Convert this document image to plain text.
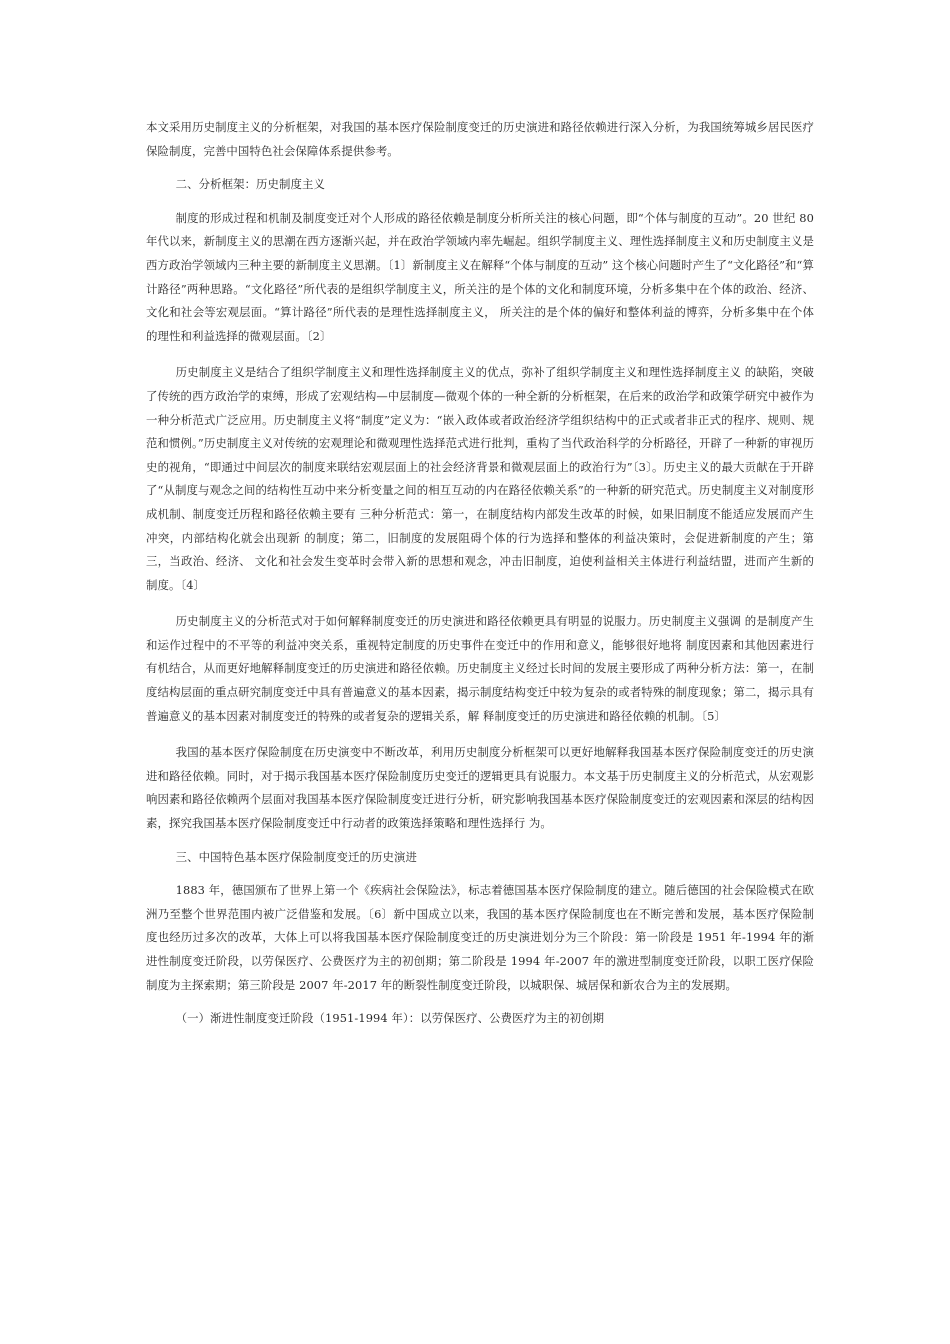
本文采用历史制度主义的分析框架，对我国的基本医疗保险制度变迁的历史演进和路径依赖进行深入分析，为我国统筹城乡居民医疗保险制度，完善中国特色社会保障体系提供参考。

二、分析框架：历史制度主义

制度的形成过程和机制及制度变迁对个人形成的路径依赖是制度分析所关注的核心问题，即“个体与制度的互动”。20 世纪 80 年代以来，新制度主义的思潮在西方逐渐兴起，并在政治学领域内率先崛起。组织学制度主义、理性选择制度主义和历史制度主义是西方政治学领域内三种主要的新制度主义思潮。〔1〕新制度主义在解释“个体与制度的互动” 这个核心问题时产生了“文化路径”和“算计路径”两种思路。“文化路径”所代表的是组织学制度主义，所关注的是个体的文化和制度环境，分析多集中在个体的政治、经济、文化和社会等宏观层面。“算计路径”所代表的是理性选择制度主义， 所关注的是个体的偏好和整体利益的博弈，分析多集中在个体的理性和利益选择的微观层面。〔2〕

历史制度主义是结合了组织学制度主义和理性选择制度主义的优点，弥补了组织学制度主义和理性选择制度主义 的缺陷，突破了传统的西方政治学的束缚，形成了宏观结构—中层制度—微观个体的一种全新的分析框架，在后来的政治学和政策学研究中被作为一种分析范式广泛应用。历史制度主义将“制度”定义为：“嵌入政体或者政治经济学组织结构中的正式或者非正式的程序、规则、规范和惯例。”历史制度主义对传统的宏观理论和微观理性选择范式进行批判，重构了当代政治科学的分析路径，开辟了一种新的审视历史的视角，“即通过中间层次的制度来联结宏观层面上的社会经济背景和微观层面上的政治行为”〔3〕。历史主义的最大贡献在于开辟了“从制度与观念之间的结构性互动中来分析变量之间的相互互动的内在路径依赖关系”的一种新的研究范式。历史制度主义对制度形成机制、制度变迁历程和路径依赖主要有 三种分析范式：第一，在制度结构内部发生改革的时候，如果旧制度不能适应发展而产生冲突，内部结构化就会出现新 的制度；第二，旧制度的发展阻碍个体的行为选择和整体的利益决策时，会促进新制度的产生；第三，当政治、经济、 文化和社会发生变革时会带入新的思想和观念，冲击旧制度，迫使利益相关主体进行利益结盟，进而产生新的制度。〔4〕

历史制度主义的分析范式对于如何解释制度变迁的历史演进和路径依赖更具有明显的说服力。历史制度主义强调 的是制度产生和运作过程中的不平等的利益冲突关系，重视特定制度的历史事件在变迁中的作用和意义，能够很好地将 制度因素和其他因素进行有机结合，从而更好地解释制度变迁的历史演进和路径依赖。历史制度主义经过长时间的发展主要形成了两种分析方法：第一，在制度结构层面的重点研究制度变迁中具有普遍意义的基本因素，揭示制度结构变迁中较为复杂的或者特殊的制度现象；第二，揭示具有普遍意义的基本因素对制度变迁的特殊的或者复杂的逻辑关系，解 释制度变迁的历史演进和路径依赖的机制。〔5〕

我国的基本医疗保险制度在历史演变中不断改革，利用历史制度分析框架可以更好地解释我国基本医疗保险制度变迁的历史演进和路径依赖。同时，对于揭示我国基本医疗保险制度历史变迁的逻辑更具有说服力。本文基于历史制度主义的分析范式，从宏观影响因素和路径依赖两个层面对我国基本医疗保险制度变迁进行分析，研究影响我国基本医疗保险制度变迁的宏观因素和深层的结构因素，探究我国基本医疗保险制度变迁中行动者的政策选择策略和理性选择行 为。

三、中国特色基本医疗保险制度变迁的历史演进

1883 年，德国颁布了世界上第一个《疾病社会保险法》，标志着德国基本医疗保险制度的建立。随后德国的社会保险模式在欧洲乃至整个世界范围内被广泛借鉴和发展。〔6〕新中国成立以来，我国的基本医疗保险制度也在不断完善和发展，基本医疗保险制度也经历过多次的改革，大体上可以将我国基本医疗保险制度变迁的历史演进划分为三个阶段：第一阶段是 1951 年-1994 年的渐进性制度变迁阶段，以劳保医疗、公费医疗为主的初创期；第二阶段是 1994 年-2007 年的激进型制度变迁阶段，以职工医疗保险制度为主探索期；第三阶段是 2007 年-2017 年的断裂性制度变迁阶段，以城职保、城居保和新农合为主的发展期。

（一）渐进性制度变迁阶段（1951-1994 年）：以劳保医疗、公费医疗为主的初创期
